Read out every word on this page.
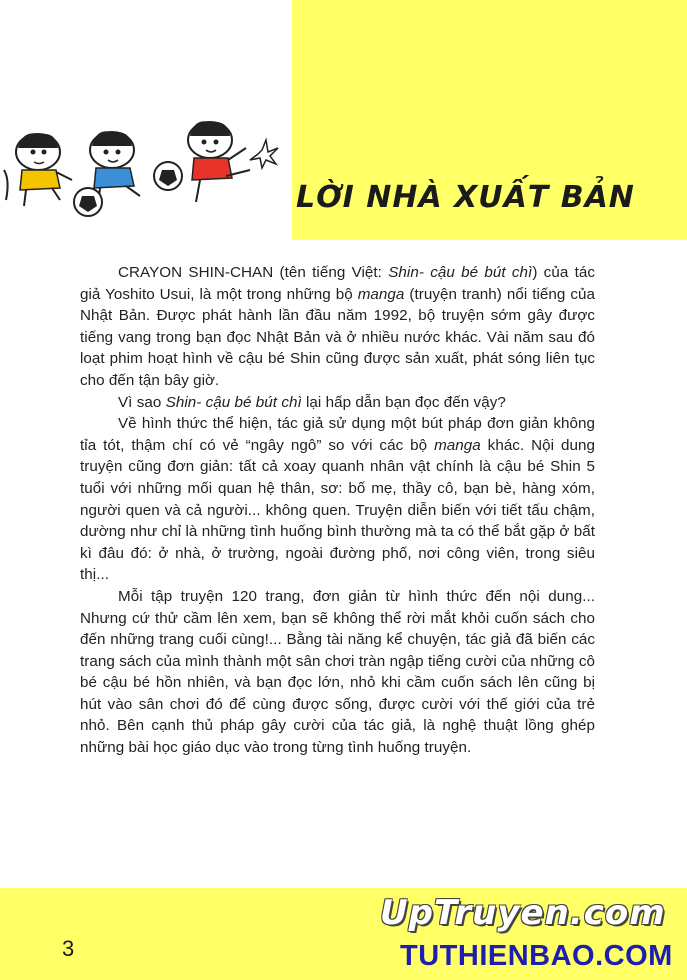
LỜI NHÀ XUẤT BẢN

CRAYON SHIN-CHAN (tên tiếng Việt: Shin- cậu bé bút chì) của tác giả Yoshito Usui, là một trong những bộ manga (truyện tranh) nổi tiếng của Nhật Bản. Được phát hành lần đầu năm 1992, bộ truyện sớm gây được tiếng vang trong bạn đọc Nhật Bản và ở nhiều nước khác. Vài năm sau đó loạt phim hoạt hình về cậu bé Shin cũng được sản xuất, phát sóng liên tục cho đến tận bây giờ.

Vì sao Shin- cậu bé bút chì lại hấp dẫn bạn đọc đến vậy?

Về hình thức thể hiện, tác giả sử dụng một bút pháp đơn giản không tỉa tót, thậm chí có vẻ “ngây ngô” so với các bộ manga khác. Nội dung truyện cũng đơn giản: tất cả xoay quanh nhân vật chính là cậu bé Shin 5 tuổi với những mối quan hệ thân, sơ: bố mẹ, thầy cô, bạn bè, hàng xóm, người quen và cả người... không quen. Truyện diễn biến với tiết tấu chậm, dường như chỉ là những tình huống bình thường mà ta có thể bắt gặp ở bất kì đâu đó: ở nhà, ở trường, ngoài đường phố, nơi công viên, trong siêu thị...

Mỗi tập truyện 120 trang, đơn giản từ hình thức đến nội dung... Nhưng cứ thử cầm lên xem, bạn sẽ không thể rời mắt khỏi cuốn sách cho đến những trang cuối cùng!... Bằng tài năng kể chuyện, tác giả đã biến các trang sách của mình thành một sân chơi tràn ngập tiếng cười của những cô bé cậu bé hồn nhiên, và bạn đọc lớn, nhỏ khi cầm cuốn sách lên cũng bị hút vào sân chơi đó để cùng được sống, được cười với thế giới của trẻ nhỏ. Bên cạnh thủ pháp gây cười của tác giả, là nghệ thuật lồng ghép những bài học giáo dục vào trong từng tình huống truyện.

3
UpTruyen.com
TUTHIENBAO.COM
